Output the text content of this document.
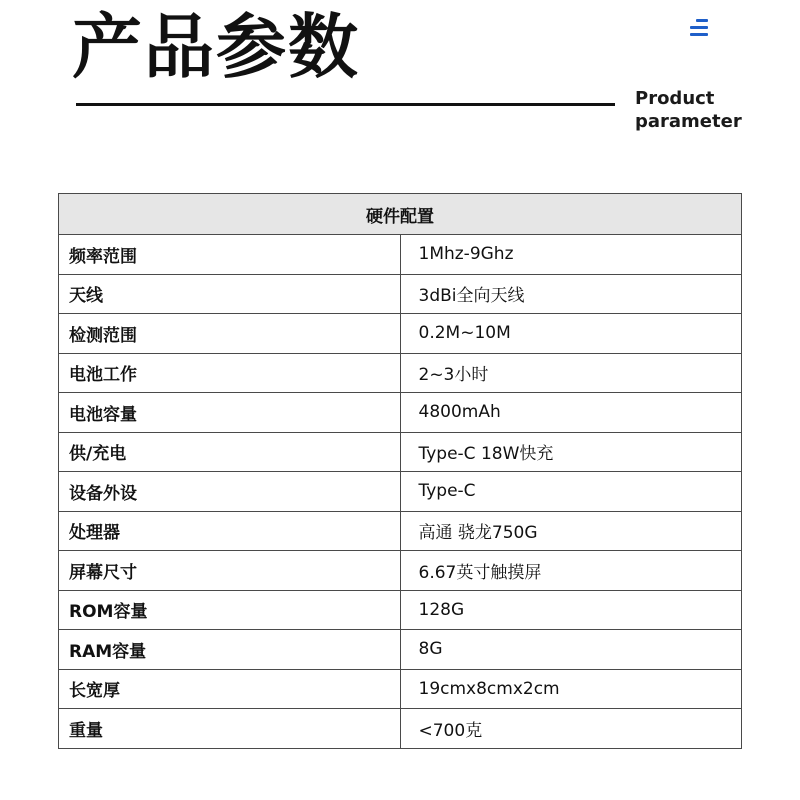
产品参数
Product
parameter
硬件配置	
频率范围	1Mhz-9Ghz
天线	3dBi全向天线
检测范围	0.2M~10M
电池工作	2~3小时
电池容量	4800mAh
供/充电	Type-C 18W快充
设备外设	Type-C
处理器	高通 骁龙750G
屏幕尺寸	6.67英寸触摸屏
ROM容量	128G
RAM容量	8G
长宽厚	19cmx8cmx2cm
重量	<700克
